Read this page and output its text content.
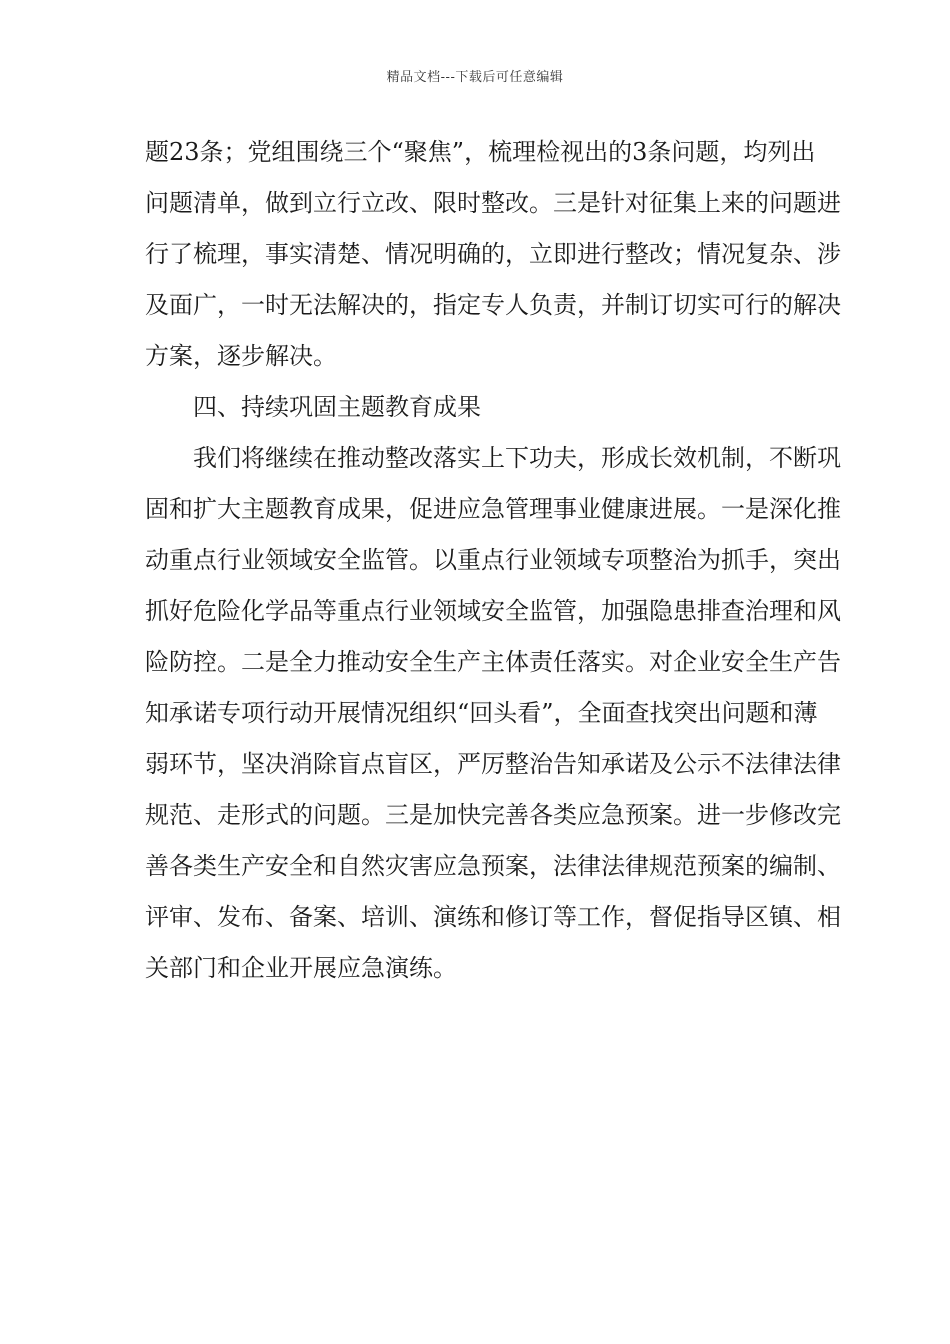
精品文档---下载后可任意编辑
题23条；党组围绕三个“聚焦”，梳理检视出的3条问题，均列出
问题清单，做到立行立改、限时整改。三是针对征集上来的问题进
行了梳理，事实清楚、情况明确的，立即进行整改；情况复杂、涉
及面广，一时无法解决的，指定专人负责，并制订切实可行的解决
方案，逐步解决。
四、持续巩固主题教育成果
我们将继续在推动整改落实上下功夫，形成长效机制，不断巩
固和扩大主题教育成果，促进应急管理事业健康进展。一是深化推
动重点行业领域安全监管。以重点行业领域专项整治为抓手，突出
抓好危险化学品等重点行业领域安全监管，加强隐患排查治理和风
险防控。二是全力推动安全生产主体责任落实。对企业安全生产告
知承诺专项行动开展情况组织“回头看”，全面查找突出问题和薄
弱环节，坚决消除盲点盲区，严厉整治告知承诺及公示不法律法律
规范、走形式的问题。三是加快完善各类应急预案。进一步修改完
善各类生产安全和自然灾害应急预案，法律法律规范预案的编制、
评审、发布、备案、培训、演练和修订等工作，督促指导区镇、相
关部门和企业开展应急演练。
